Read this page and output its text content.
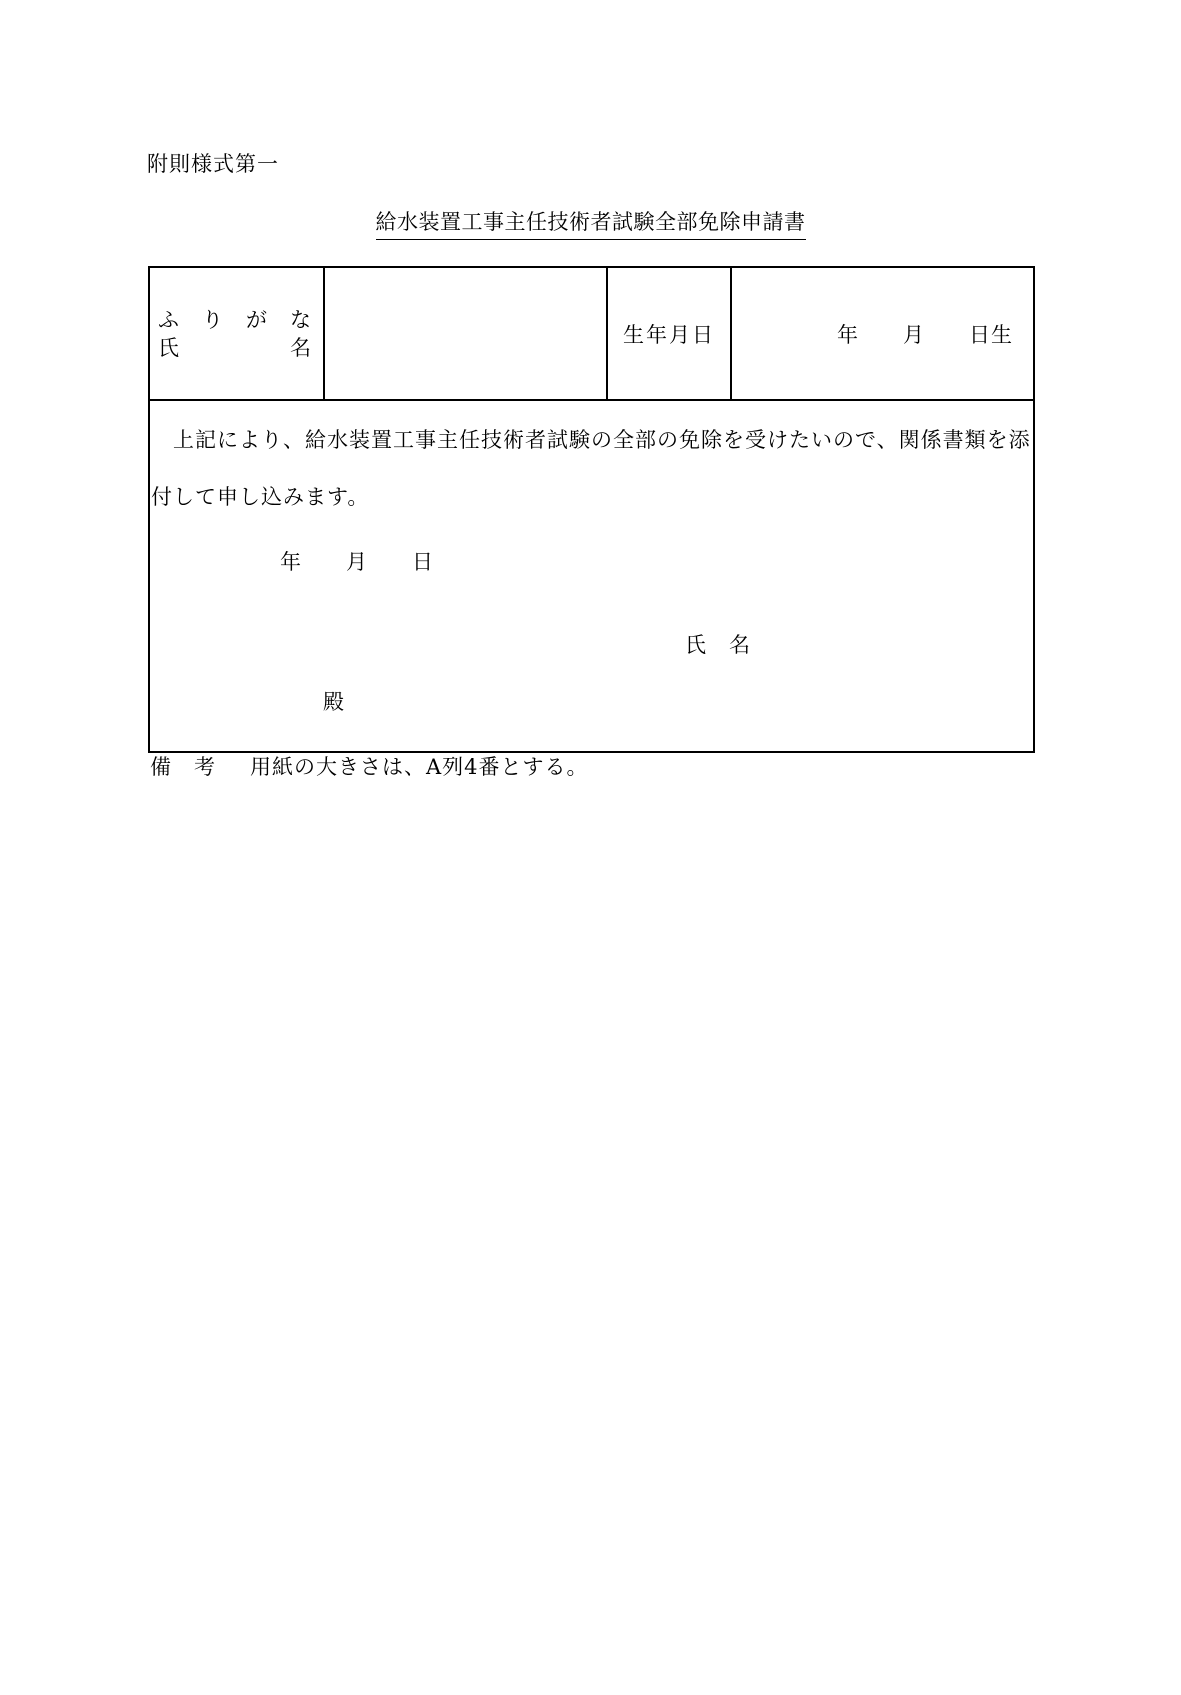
附則様式第一
給水装置工事主任技術者試験全部免除申請書
ふ　り　が　な
氏　　　　　名
		生年月日	年　　月　　日生

　上記により、給水装置工事主任技術者試験の全部の免除を受けたいので、関係書類を添付して申し込みます。

年　　月　　日
氏　名
殿
備　考 用紙の大きさは、A列4番とする。
